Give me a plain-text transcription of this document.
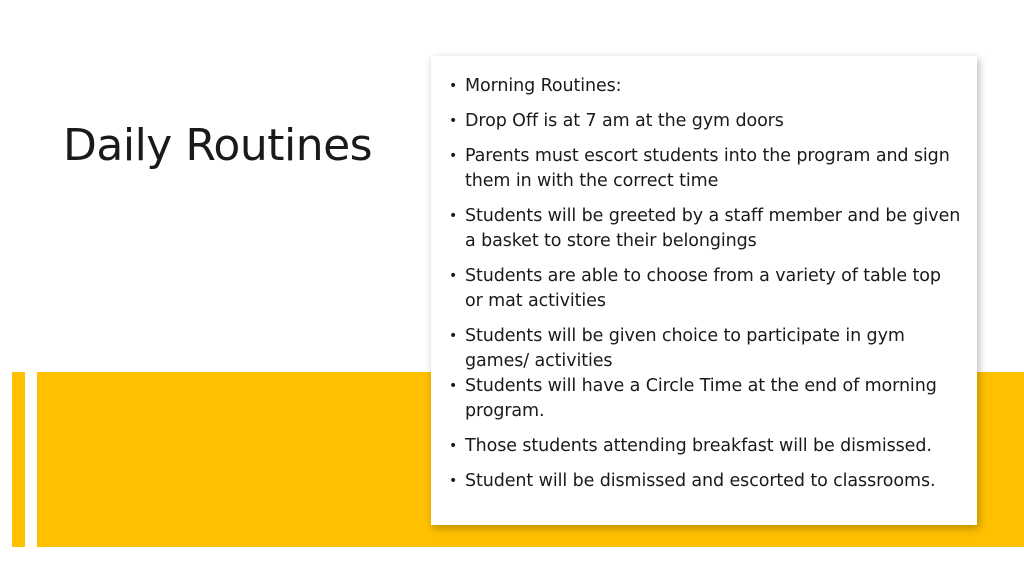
Daily Routines
• Morning Routines:
• Drop Off is at 7 am at the gym doors
• Parents must escort students into the program and sign them in with the correct time
• Students will be greeted by a staff member and be given a basket to store their belongings
• Students are able to choose from a variety of table top or mat activities
• Students will be given choice to participate in gym games/ activities
• Students will have a Circle Time at the end of morning program.
• Those students attending breakfast will be dismissed.
• Student will be dismissed and escorted to classrooms.
